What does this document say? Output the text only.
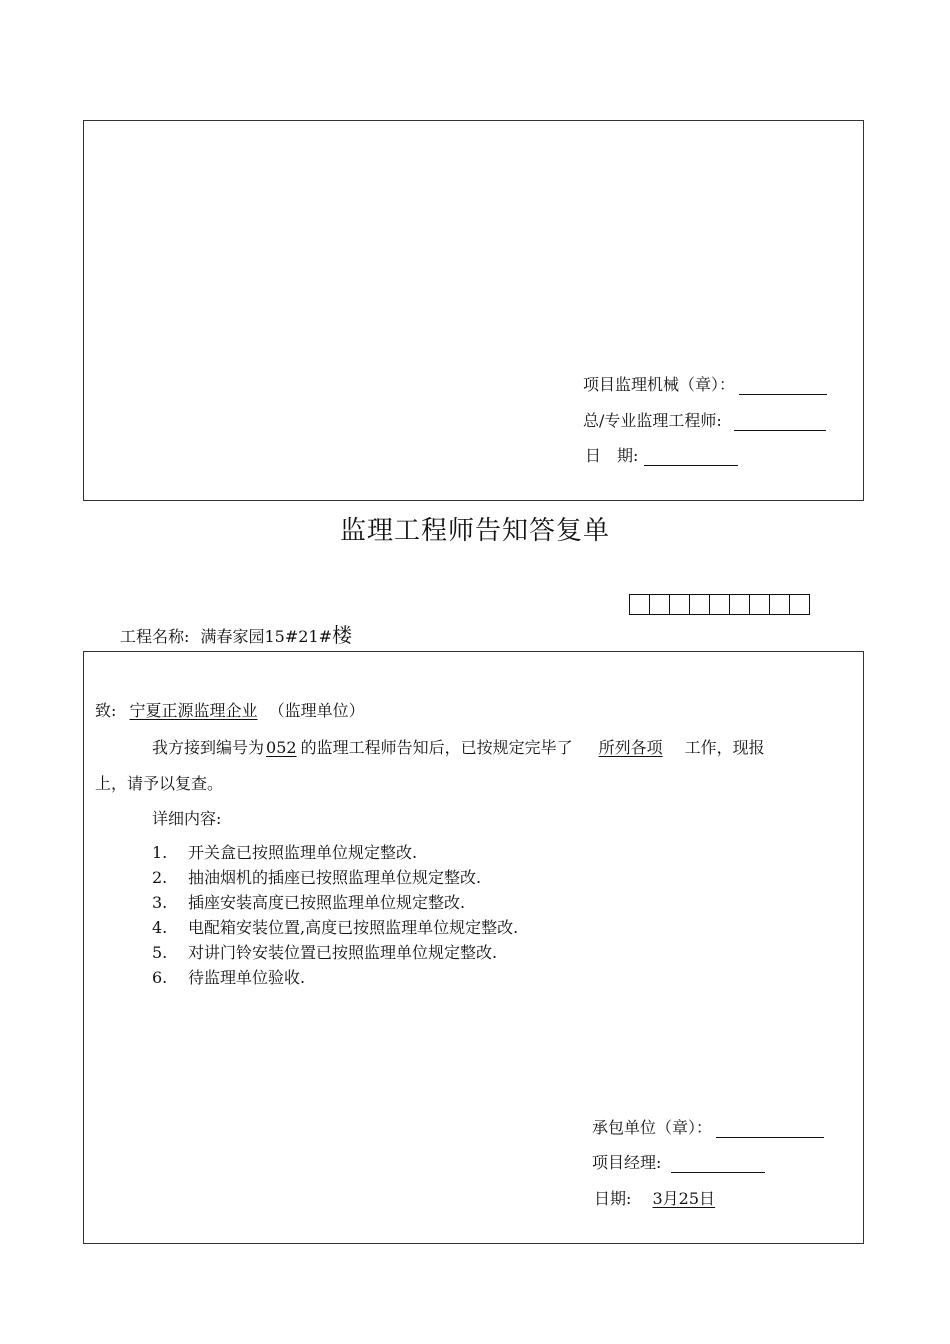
项目监理机械（章）：
总/专业监理工程师:
日　期:
监理工程师告知答复单
工程名称: 满春家园15#21#楼
致: 宁夏正源监理企业 （监理单位）
我方接到编号为 052 的监理工程师告知后，已按规定完毕了 所列各项 工作，现报
上，请予以复查。
详细内容:
1. 开关盒已按照监理单位规定整改.
2. 抽油烟机的插座已按照监理单位规定整改.
3. 插座安装高度已按照监理单位规定整改.
4. 电配箱安装位置,高度已按照监理单位规定整改.
5. 对讲门铃安装位置已按照监理单位规定整改.
6. 待监理单位验收.
承包单位（章）：
项目经理:
日期: 3月25日
